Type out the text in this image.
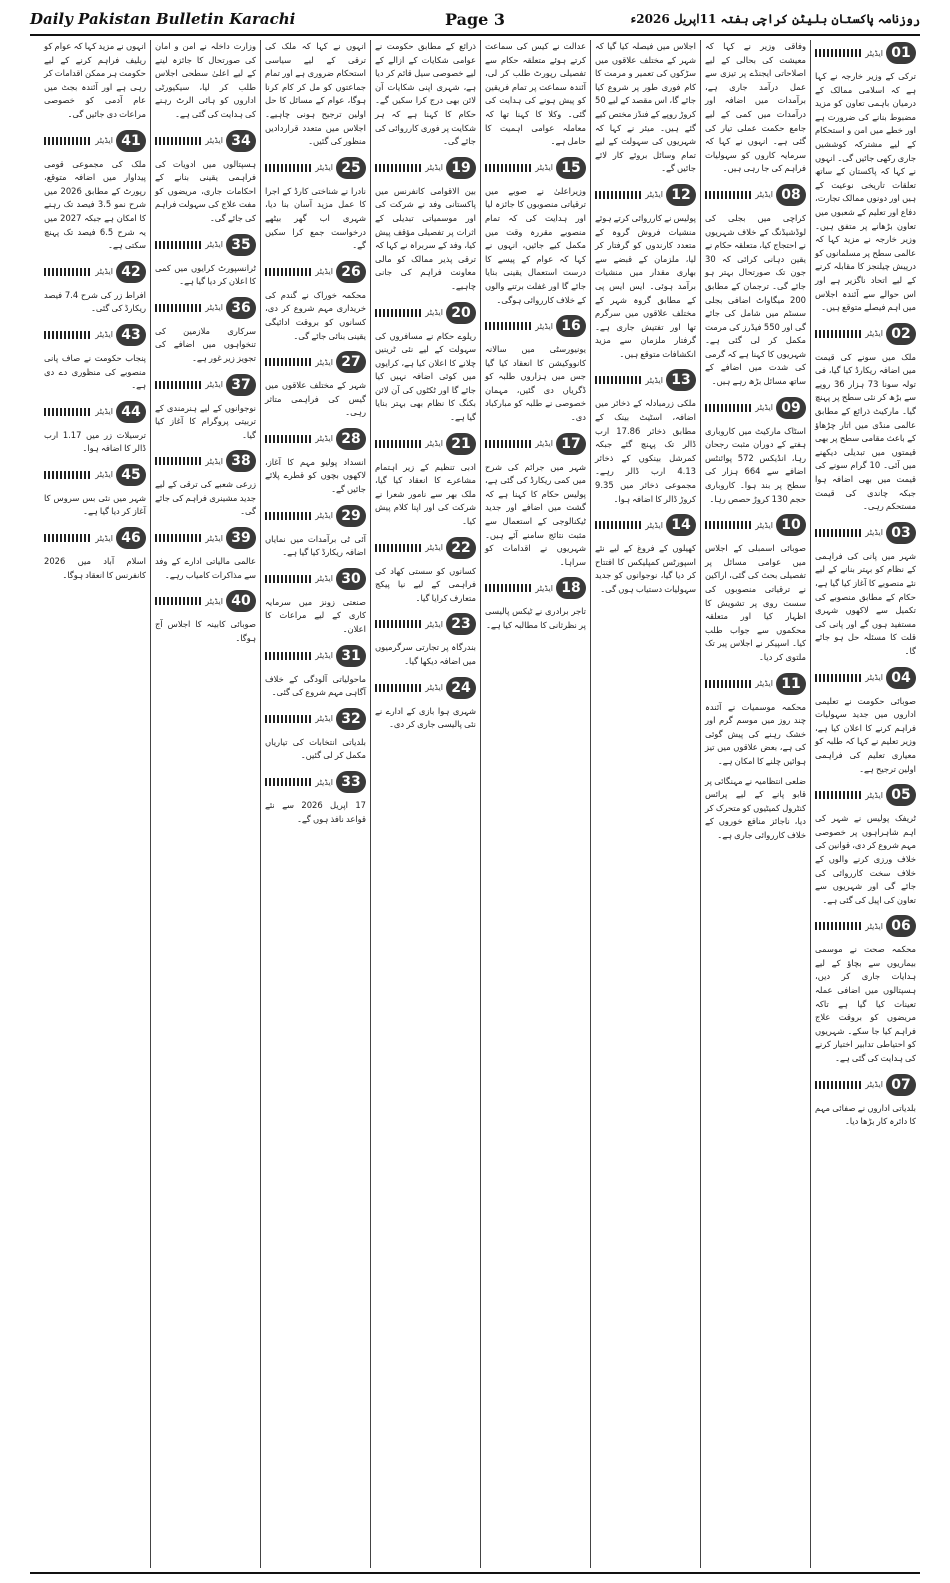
Daily Pakistan Bulletin Karachi	Page 3	روزنامہ پاکستان بلیٹن کراچی ہفتہ 11اپریل 2026ء
ایڈیٹر 01
ترکی کے وزیر خارجہ نے کہا ہے کہ اسلامی ممالک کے درمیان باہمی تعاون کو مزید مضبوط بنانے کی ضرورت ہے اور خطے میں امن و استحکام کے لیے مشترکہ کوششیں جاری رکھی جائیں گی۔ انہوں نے کہا کہ پاکستان کے ساتھ تعلقات تاریخی نوعیت کے ہیں اور دونوں ممالک تجارت، دفاع اور تعلیم کے شعبوں میں تعاون بڑھانے پر متفق ہیں۔ وزیر خارجہ نے مزید کہا کہ عالمی سطح پر مسلمانوں کو درپیش چیلنجز کا مقابلہ کرنے کے لیے اتحاد ناگزیر ہے اور اس حوالے سے آئندہ اجلاس میں اہم فیصلے متوقع ہیں۔
ایڈیٹر 02
ملک میں سونے کی قیمت میں اضافہ ریکارڈ کیا گیا، فی تولہ سونا 73 ہزار 36 روپے سے بڑھ کر نئی سطح پر پہنچ گیا۔ مارکیٹ ذرائع کے مطابق عالمی منڈی میں اتار چڑھاؤ کے باعث مقامی سطح پر بھی قیمتوں میں تبدیلی دیکھنے میں آئی۔ 10 گرام سونے کی قیمت میں بھی اضافہ ہوا جبکہ چاندی کی قیمت مستحکم رہی۔
ایڈیٹر 03
شہر میں پانی کی فراہمی کے نظام کو بہتر بنانے کے لیے نئے منصوبے کا آغاز کیا گیا ہے، حکام کے مطابق منصوبے کی تکمیل سے لاکھوں شہری مستفید ہوں گے اور پانی کی قلت کا مسئلہ حل ہو جائے گا۔
ایڈیٹر 04
صوبائی حکومت نے تعلیمی اداروں میں جدید سہولیات فراہم کرنے کا اعلان کیا ہے، وزیر تعلیم نے کہا کہ طلبہ کو معیاری تعلیم کی فراہمی اولین ترجیح ہے۔
ایڈیٹر 05
ٹریفک پولیس نے شہر کی اہم شاہراہوں پر خصوصی مہم شروع کر دی، قوانین کی خلاف ورزی کرنے والوں کے خلاف سخت کارروائی کی جائے گی اور شہریوں سے تعاون کی اپیل کی گئی ہے۔
ایڈیٹر 06
محکمہ صحت نے موسمی بیماریوں سے بچاؤ کے لیے ہدایات جاری کر دیں، ہسپتالوں میں اضافی عملہ تعینات کیا گیا ہے تاکہ مریضوں کو بروقت علاج فراہم کیا جا سکے۔ شہریوں کو احتیاطی تدابیر اختیار کرنے کی ہدایت کی گئی ہے۔
ایڈیٹر 07
بلدیاتی اداروں نے صفائی مہم کا دائرہ کار بڑھا دیا۔
وفاقی وزیر نے کہا کہ معیشت کی بحالی کے لیے اصلاحاتی ایجنڈے پر تیزی سے عمل درآمد جاری ہے، برآمدات میں اضافہ اور درآمدات میں کمی کے لیے جامع حکمت عملی تیار کی گئی ہے۔ انہوں نے کہا کہ سرمایہ کاروں کو سہولیات فراہم کی جا رہی ہیں۔
ایڈیٹر 08
کراچی میں بجلی کی لوڈشیڈنگ کے خلاف شہریوں نے احتجاج کیا، متعلقہ حکام نے یقین دہانی کرائی کہ 30 جون تک صورتحال بہتر ہو جائے گی۔ ترجمان کے مطابق 200 میگاواٹ اضافی بجلی سسٹم میں شامل کی جائے گی اور 550 فیڈرز کی مرمت مکمل کر لی گئی ہے۔ شہریوں کا کہنا ہے کہ گرمی کی شدت میں اضافے کے ساتھ مسائل بڑھ رہے ہیں۔
ایڈیٹر 09
اسٹاک مارکیٹ میں کاروباری ہفتے کے دوران مثبت رجحان رہا، انڈیکس 572 پوائنٹس اضافے سے 664 ہزار کی سطح پر بند ہوا۔ کاروباری حجم 130 کروڑ حصص رہا۔
ایڈیٹر 10
صوبائی اسمبلی کے اجلاس میں عوامی مسائل پر تفصیلی بحث کی گئی، اراکین نے ترقیاتی منصوبوں کی سست روی پر تشویش کا اظہار کیا اور متعلقہ محکموں سے جواب طلب کیا۔ اسپیکر نے اجلاس پیر تک ملتوی کر دیا۔
ایڈیٹر 11
محکمہ موسمیات نے آئندہ چند روز میں موسم گرم اور خشک رہنے کی پیش گوئی کی ہے، بعض علاقوں میں تیز ہوائیں چلنے کا امکان ہے۔
ضلعی انتظامیہ نے مہنگائی پر قابو پانے کے لیے پرائس کنٹرول کمیٹیوں کو متحرک کر دیا، ناجائز منافع خوروں کے خلاف کارروائی جاری ہے۔
اجلاس میں فیصلہ کیا گیا کہ شہر کے مختلف علاقوں میں سڑکوں کی تعمیر و مرمت کا کام فوری طور پر شروع کیا جائے گا، اس مقصد کے لیے 50 کروڑ روپے کے فنڈز مختص کیے گئے ہیں۔ میئر نے کہا کہ شہریوں کی سہولت کے لیے تمام وسائل بروئے کار لائے جائیں گے۔
ایڈیٹر 12
پولیس نے کارروائی کرتے ہوئے منشیات فروش گروہ کے متعدد کارندوں کو گرفتار کر لیا، ملزمان کے قبضے سے بھاری مقدار میں منشیات برآمد ہوئی۔ ایس ایس پی کے مطابق گروہ شہر کے مختلف علاقوں میں سرگرم تھا اور تفتیش جاری ہے۔ گرفتار ملزمان سے مزید انکشافات متوقع ہیں۔
ایڈیٹر 13
ملکی زرمبادلہ کے ذخائر میں اضافہ، اسٹیٹ بینک کے مطابق ذخائر 17.86 ارب ڈالر تک پہنچ گئے جبکہ کمرشل بینکوں کے ذخائر 4.13 ارب ڈالر رہے۔ مجموعی ذخائر میں 9.35 کروڑ ڈالر کا اضافہ ہوا۔
ایڈیٹر 14
کھیلوں کے فروغ کے لیے نئے اسپورٹس کمپلیکس کا افتتاح کر دیا گیا، نوجوانوں کو جدید سہولیات دستیاب ہوں گی۔
عدالت نے کیس کی سماعت کرتے ہوئے متعلقہ حکام سے تفصیلی رپورٹ طلب کر لی، آئندہ سماعت پر تمام فریقین کو پیش ہونے کی ہدایت کی گئی۔ وکلا کا کہنا تھا کہ معاملہ عوامی اہمیت کا حامل ہے۔
ایڈیٹر 15
وزیراعلیٰ نے صوبے میں ترقیاتی منصوبوں کا جائزہ لیا اور ہدایت کی کہ تمام منصوبے مقررہ وقت میں مکمل کیے جائیں، انہوں نے کہا کہ عوام کے پیسے کا درست استعمال یقینی بنایا جائے گا اور غفلت برتنے والوں کے خلاف کارروائی ہوگی۔
ایڈیٹر 16
یونیورسٹی میں سالانہ کانووکیشن کا انعقاد کیا گیا جس میں ہزاروں طلبہ کو ڈگریاں دی گئیں، مہمان خصوصی نے طلبہ کو مبارکباد دی۔
ایڈیٹر 17
شہر میں جرائم کی شرح میں کمی ریکارڈ کی گئی ہے، پولیس حکام کا کہنا ہے کہ گشت میں اضافے اور جدید ٹیکنالوجی کے استعمال سے مثبت نتائج سامنے آئے ہیں۔ شہریوں نے اقدامات کو سراہا۔
ایڈیٹر 18
تاجر برادری نے ٹیکس پالیسی پر نظرثانی کا مطالبہ کیا ہے۔
ذرائع کے مطابق حکومت نے عوامی شکایات کے ازالے کے لیے خصوصی سیل قائم کر دیا ہے، شہری اپنی شکایات آن لائن بھی درج کرا سکیں گے۔ حکام کا کہنا ہے کہ ہر شکایت پر فوری کارروائی کی جائے گی۔
ایڈیٹر 19
بین الاقوامی کانفرنس میں پاکستانی وفد نے شرکت کی اور موسمیاتی تبدیلی کے اثرات پر تفصیلی مؤقف پیش کیا، وفد کے سربراہ نے کہا کہ ترقی پذیر ممالک کو مالی معاونت فراہم کی جانی چاہیے۔
ایڈیٹر 20
ریلوے حکام نے مسافروں کی سہولت کے لیے نئی ٹرینیں چلانے کا اعلان کیا ہے، کرایوں میں کوئی اضافہ نہیں کیا جائے گا اور ٹکٹوں کی آن لائن بکنگ کا نظام بھی بہتر بنایا گیا ہے۔
ایڈیٹر 21
ادبی تنظیم کے زیر اہتمام مشاعرے کا انعقاد کیا گیا، ملک بھر سے نامور شعرا نے شرکت کی اور اپنا کلام پیش کیا۔
ایڈیٹر 22
کسانوں کو سستی کھاد کی فراہمی کے لیے نیا پیکج متعارف کرایا گیا۔
ایڈیٹر 23
بندرگاہ پر تجارتی سرگرمیوں میں اضافہ دیکھا گیا۔
ایڈیٹر 24
شہری ہوا بازی کے ادارے نے نئی پالیسی جاری کر دی۔
انہوں نے کہا کہ ملک کی ترقی کے لیے سیاسی استحکام ضروری ہے اور تمام جماعتوں کو مل کر کام کرنا ہوگا، عوام کے مسائل کا حل اولین ترجیح ہونی چاہیے۔ اجلاس میں متعدد قراردادیں منظور کی گئیں۔
ایڈیٹر 25
نادرا نے شناختی کارڈ کے اجرا کا عمل مزید آسان بنا دیا، شہری اب گھر بیٹھے درخواست جمع کرا سکیں گے۔
ایڈیٹر 26
محکمہ خوراک نے گندم کی خریداری مہم شروع کر دی، کسانوں کو بروقت ادائیگی یقینی بنائی جائے گی۔
ایڈیٹر 27
شہر کے مختلف علاقوں میں گیس کی فراہمی متاثر رہی۔
ایڈیٹر 28
انسداد پولیو مہم کا آغاز، لاکھوں بچوں کو قطرے پلائے جائیں گے۔
ایڈیٹر 29
آئی ٹی برآمدات میں نمایاں اضافہ ریکارڈ کیا گیا ہے۔
ایڈیٹر 30
صنعتی زونز میں سرمایہ کاری کے لیے مراعات کا اعلان۔
ایڈیٹر 31
ماحولیاتی آلودگی کے خلاف آگاہی مہم شروع کی گئی۔
ایڈیٹر 32
بلدیاتی انتخابات کی تیاریاں مکمل کر لی گئیں۔
ایڈیٹر 33
17 اپریل 2026 سے نئے قواعد نافذ ہوں گے۔
وزارت داخلہ نے امن و امان کی صورتحال کا جائزہ لینے کے لیے اعلیٰ سطحی اجلاس طلب کر لیا، سیکیورٹی اداروں کو ہائی الرٹ رہنے کی ہدایت کی گئی ہے۔
ایڈیٹر 34
ہسپتالوں میں ادویات کی فراہمی یقینی بنانے کے احکامات جاری، مریضوں کو مفت علاج کی سہولت فراہم کی جائے گی۔
ایڈیٹر 35
ٹرانسپورٹ کرایوں میں کمی کا اعلان کر دیا گیا ہے۔
ایڈیٹر 36
سرکاری ملازمین کی تنخواہوں میں اضافے کی تجویز زیر غور ہے۔
ایڈیٹر 37
نوجوانوں کے لیے ہنرمندی کے تربیتی پروگرام کا آغاز کیا گیا۔
ایڈیٹر 38
زرعی شعبے کی ترقی کے لیے جدید مشینری فراہم کی جائے گی۔
ایڈیٹر 39
عالمی مالیاتی ادارے کے وفد سے مذاکرات کامیاب رہے۔
ایڈیٹر 40
صوبائی کابینہ کا اجلاس آج ہوگا۔
انہوں نے مزید کہا کہ عوام کو ریلیف فراہم کرنے کے لیے حکومت ہر ممکن اقدامات کر رہی ہے اور آئندہ بجٹ میں عام آدمی کو خصوصی مراعات دی جائیں گی۔
ایڈیٹر 41
ملک کی مجموعی قومی پیداوار میں اضافہ متوقع، رپورٹ کے مطابق 2026 میں شرح نمو 3.5 فیصد تک رہنے کا امکان ہے جبکہ 2027 میں یہ شرح 6.5 فیصد تک پہنچ سکتی ہے۔
ایڈیٹر 42
افراط زر کی شرح 7.4 فیصد ریکارڈ کی گئی۔
ایڈیٹر 43
پنجاب حکومت نے صاف پانی منصوبے کی منظوری دے دی ہے۔
ایڈیٹر 44
ترسیلات زر میں 1.17 ارب ڈالر کا اضافہ ہوا۔
ایڈیٹر 45
شہر میں نئی بس سروس کا آغاز کر دیا گیا ہے۔
ایڈیٹر 46
اسلام آباد میں 2026 کانفرنس کا انعقاد ہوگا۔
